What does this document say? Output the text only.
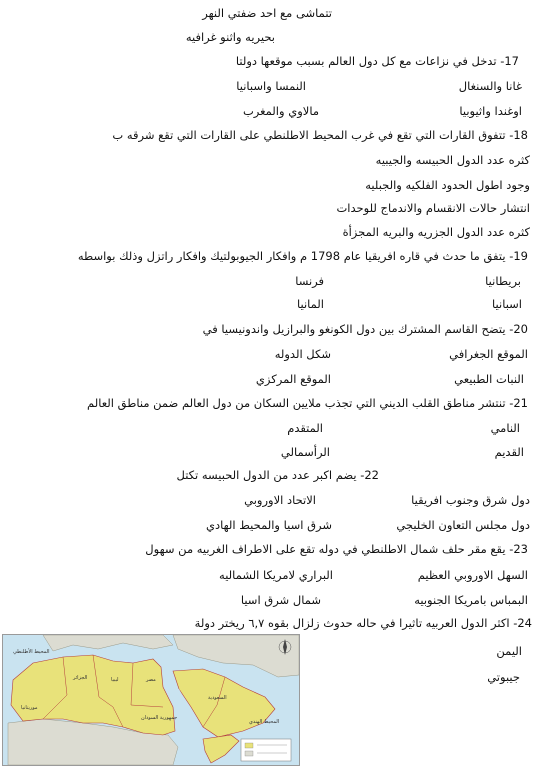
تتماشى مع احد ضفتي النهر
بحيريه واثنو غرافيه
17- تدخل في نزاعات مع كل دول العالم بسبب موقعها دولتا
غانا والسنغال
النمسا واسبانيا
اوغندا واثيوبيا
مالاوي والمغرب
18- تتفوق القارات التي تقع في غرب المحيط الاطلنطي على القارات التي تقع شرقه ب
كثره عدد الدول الحبيسه والجيبيه
وجود اطول الحدود الفلكيه والجبليه
انتشار حالات الانقسام والاندماج للوحدات
كثره عدد الدول الجزريه والبريه المجزأة
19- يتفق ما حدث في قاره افريقيا عام 1798 م وافكار الجيوبولتيك وافكار راتزل وذلك بواسطه
بريطانيا
فرنسا
اسبانيا
المانيا
20- يتضح القاسم المشترك بين دول الكونغو والبرازيل واندونيسيا في
الموقع الجغرافي
شكل الدوله
النبات الطبيعي
الموقع المركزي
21- تنتشر مناطق القلب الديني التي تجذب ملايين السكان من دول العالم ضمن مناطق العالم
النامي
المتقدم
القديم
الرأسمالي
22- يضم اكبر عدد من الدول الحبيسه تكتل
دول شرق وجنوب افريقيا
الاتحاد الاوروبي
دول مجلس التعاون الخليجي
شرق اسيا والمحيط الهادي
23- يقع مقر حلف شمال الاطلنطي في دوله تقع على الاطراف الغربيه من سهول
السهل الاوروبي العظيم
البراري لامريكا الشماليه
البمباس بامريكا الجنوبيه
شمال شرق اسيا
24- اكثر الدول العربيه تاثيرا في حاله حدوث زلزال بقوه ٦,٧ ريختر دولة
اليمن
جيبوتي
المحيط الأطلنطي
الجزائر	ليبيا	مصر
السعودية
موريتانيا
جمهورية السودان
المحيط الهندي
